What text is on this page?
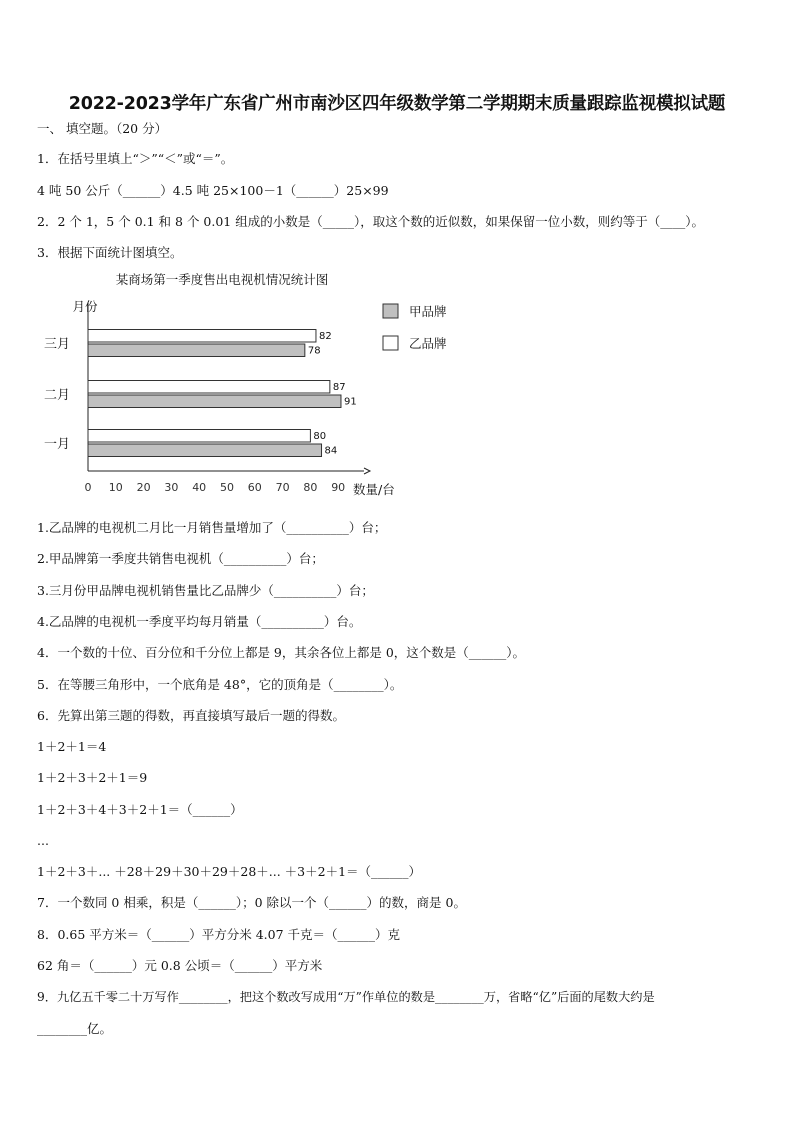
2022-2023学年广东省广州市南沙区四年级数学第二学期期末质量跟踪监视模拟试题
一、 填空题。（20 分）
1．在括号里填上“＞”“＜”或“＝”。
4 吨 50 公斤（______）4.5 吨 25×100－1（______）25×99
2．2 个 1，5 个 0.1 和 8 个 0.01 组成的小数是（_____），取这个数的近似数，如果保留一位小数，则约等于（____）。
3．根据下面统计图填空。
某商场第一季度售出电视机情况统计图
月份
数量/台
0 10 20 30 40 50 60 70 80 90
三月
82
78
二月
87
91
一月
80
84
甲品牌
乙品牌
1.乙品牌的电视机二月比一月销售量增加了（__________）台；
2.甲品牌第一季度共销售电视机（__________）台；
3.三月份甲品牌电视机销售量比乙品牌少（__________）台；
4.乙品牌的电视机一季度平均每月销量（__________）台。
4．一个数的十位、百分位和千分位上都是 9，其余各位上都是 0，这个数是（______）。
5．在等腰三角形中，一个底角是 48°，它的顶角是（________）。
6．先算出第三题的得数，再直接填写最后一题的得数。
1＋2＋1＝4
1＋2＋3＋2＋1＝9
1＋2＋3＋4＋3＋2＋1＝（______）
...
1＋2＋3＋... ＋28＋29＋30＋29＋28＋... ＋3＋2＋1＝（______）
7．一个数同 0 相乘，积是（______）；0 除以一个（______）的数，商是 0。
8．0.65 平方米＝（______）平方分米 4.07 千克＝（______）克
62 角＝（______）元 0.8 公顷＝（______）平方米
9．九亿五千零二十万写作________，把这个数改写成用“万”作单位的数是________万，省略“亿”后面的尾数大约是
________亿。
